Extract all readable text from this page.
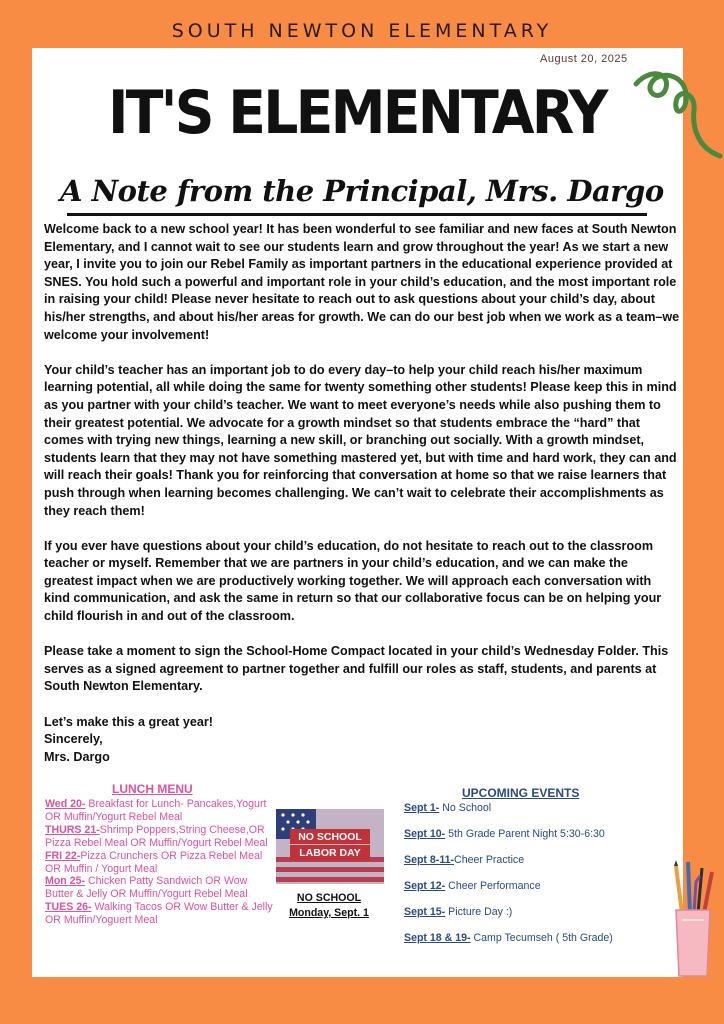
SOUTH NEWTON ELEMENTARY
August 20, 2025
IT'S ELEMENTARY
A Note from the Principal, Mrs. Dargo

Welcome back to a new school year! It has been wonderful to see familiar and new faces at South Newton Elementary, and I cannot wait to see our students learn and grow throughout the year! As we start a new year, I invite you to join our Rebel Family as important partners in the educational experience provided at SNES. You hold such a powerful and important role in your child’s education, and the most important role in raising your child! Please never hesitate to reach out to ask questions about your child’s day, about his/her strengths, and about his/her areas for growth. We can do our best job when we work as a team–we welcome your involvement!

Your child’s teacher has an important job to do every day–to help your child reach his/her maximum learning potential, all while doing the same for twenty something other students! Please keep this in mind as you partner with your child’s teacher. We want to meet everyone’s needs while also pushing them to their greatest potential. We advocate for a growth mindset so that students embrace the “hard” that comes with trying new things, learning a new skill, or branching out socially. With a growth mindset, students learn that they may not have something mastered yet, but with time and hard work, they can and will reach their goals! Thank you for reinforcing that conversation at home so that we raise learners that push through when learning becomes challenging. We can’t wait to celebrate their accomplishments as they reach them!

If you ever have questions about your child’s education, do not hesitate to reach out to the classroom teacher or myself. Remember that we are partners in your child’s education, and we can make the greatest impact when we are productively working together. We will approach each conversation with kind communication, and ask the same in return so that our collaborative focus can be on helping your child flourish in and out of the classroom.

Please take a moment to sign the School-Home Compact located in your child’s Wednesday Folder. This serves as a signed agreement to partner together and fulfill our roles as staff, students, and parents at South Newton Elementary.

Let’s make this a great year!

Sincerely,

Mrs. Dargo

LUNCH MENU
Wed 20- Breakfast for Lunch- Pancakes,Yogurt OR Muffin/Yogurt Rebel Meal
THURS 21-Shrimp Poppers,String Cheese,OR Pizza Rebel Meal OR Muffin/Yogurt Rebel Meal
FRI 22-Pizza Crunchers OR Pizza Rebel Meal OR Muffin / Yogurt Meal
Mon 25- Chicken Patty Sandwich OR Wow Butter & Jelly OR Muffin/Yogurt Rebel Meal
TUES 26- Walking Tacos OR Wow Butter & Jelly OR Muffin/Yoguert Meal
NO SCHOOL
LABOR DAY
NO SCHOOL
Monday, Sept. 1
UPCOMING EVENTS
Sept 1- No School
Sept 10- 5th Grade Parent Night 5:30-6:30
Sept 8-11-Cheer Practice
Sept 12- Cheer Performance
Sept 15- Picture Day :)
Sept 18 & 19- Camp Tecumseh ( 5th Grade)
